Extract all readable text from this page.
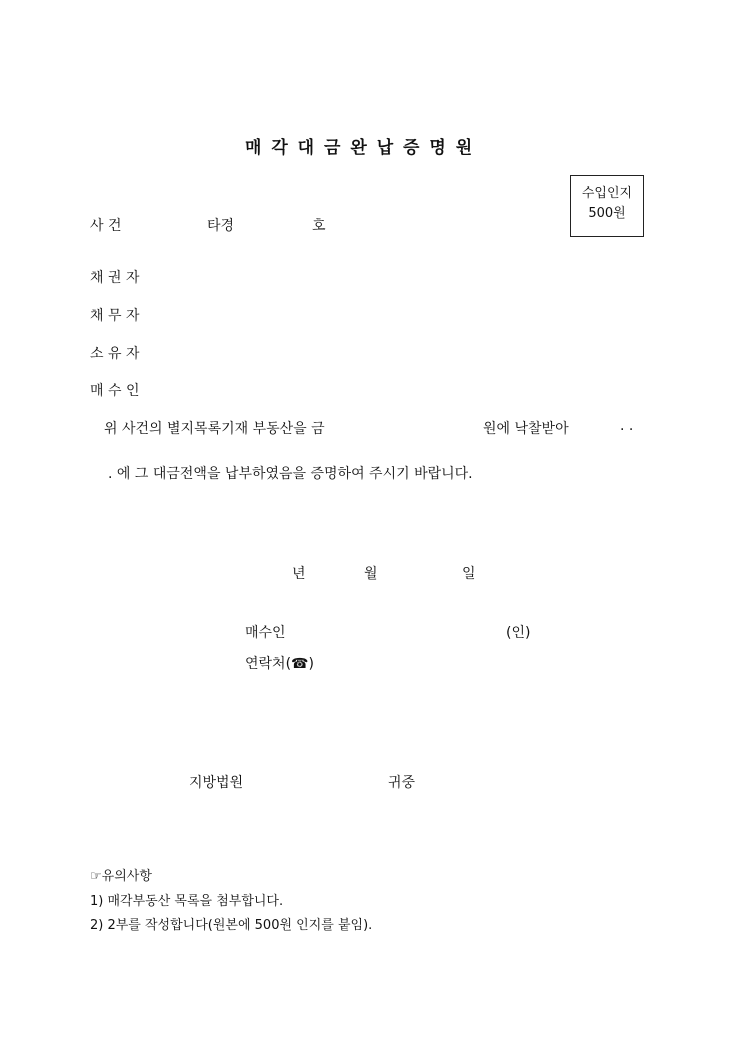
매 각 대 금 완 납 증 명 원
수입인지
500원
사 건	타경	호
채 권 자
채 무 자
소 유 자
매 수 인
위 사건의 별지목록기재 부동산을 금	원에 낙찰받아	. .
. 에 그 대금전액을 납부하였음을 증명하여 주시기 바랍니다.
년	월	일
매수인	(인)
연락처(☎)
지방법원	귀중
☞유의사항
1) 매각부동산 목록을 첨부합니다.
2) 2부를 작성합니다(원본에 500원 인지를 붙임).
